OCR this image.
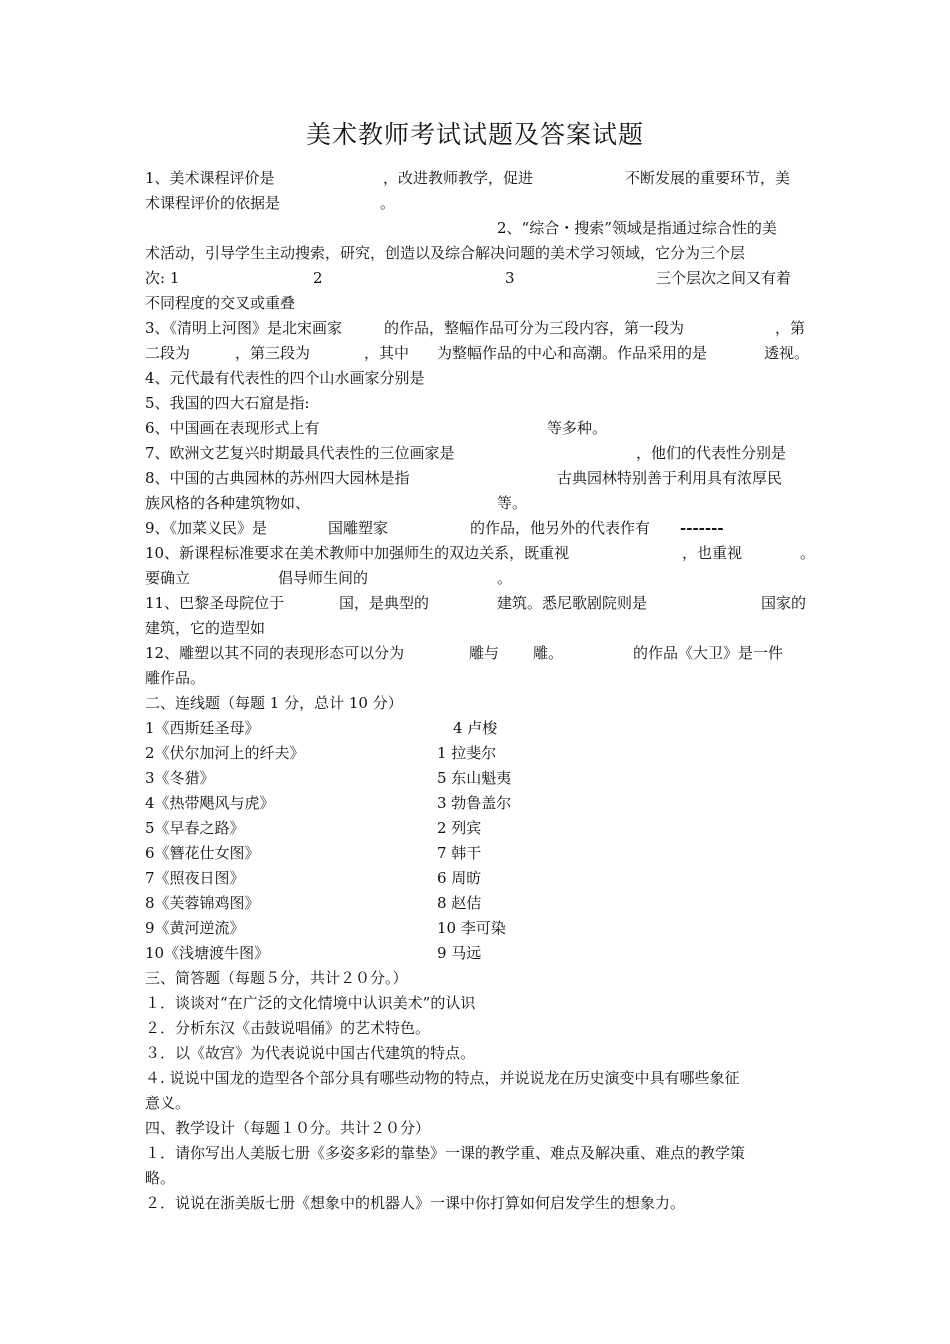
美术教师考试试题及答案试题
1、美术课程评价是	，改进教师教学，促进	不断发展的重要环节，美
术课程评价的依据是	。
2、“综合・搜索”领域是指通过综合性的美
术活动，引导学生主动搜索，研究，创造以及综合解决问题的美术学习领域，它分为三个层
次: 1	2	3	三个层次之间又有着
不同程度的交叉或重叠
3、《清明上河图》是北宋画家	的作品，整幅作品可分为三段内容，第一段为	，第
二段为	，第三段为	，其中 为整幅作品的中心和高潮。作品采用的是	透视。
4、元代最有代表性的四个山水画家分别是
5、我国的四大石窟是指:
6、中国画在表现形式上有	等多种。
7、欧洲文艺复兴时期最具代表性的三位画家是	，他们的代表性分别是
8、中国的古典园林的苏州四大园林是指	古典园林特别善于利用具有浓厚民
族风格的各种建筑物如、	等。
9、《加菜义民》是	国雕塑家	的作品，他另外的代表作有 -------
10、新课程标准要求在美术教师中加强师生的双边关系，既重视	，也重视	。
要确立	倡导师生间的	。
11、巴黎圣母院位于	国，是典型的	建筑。悉尼歌剧院则是	国家的
建筑，它的造型如
12、雕塑以其不同的表现形态可以分为	雕与 雕。	的作品《大卫》是一件
雕作品。
二、连线题（每题 1 分，总计 10 分）
1《西斯廷圣母》	4 卢梭
2《伏尔加河上的纤夫》	1 拉斐尔
3《冬猎》	5 东山魁夷
4《热带飓风与虎》	3 勃鲁盖尔
5《早春之路》	2 列宾
6《簪花仕女图》	7 韩干
7《照夜日图》	6 周昉
8《芙蓉锦鸡图》	8 赵佶
9《黄河逆流》	10 李可染
10《浅塘渡牛图》	9 马远
三、简答题（每题５分，共计２０分。）
１．谈谈对“在广泛的文化情境中认识美术”的认识
２．分析东汉《击鼓说唱俑》的艺术特色。
３．以《故宫》为代表说说中国古代建筑的特点。
４. 说说中国龙的造型各个部分具有哪些动物的特点，并说说龙在历史演变中具有哪些象征
意义。
四、教学设计（每题１０分。共计２０分）
１．请你写出人美版七册《多姿多彩的靠垫》一课的教学重、难点及解决重、难点的教学策
略。
２．说说在浙美版七册《想象中的机器人》一课中你打算如何启发学生的想象力。
